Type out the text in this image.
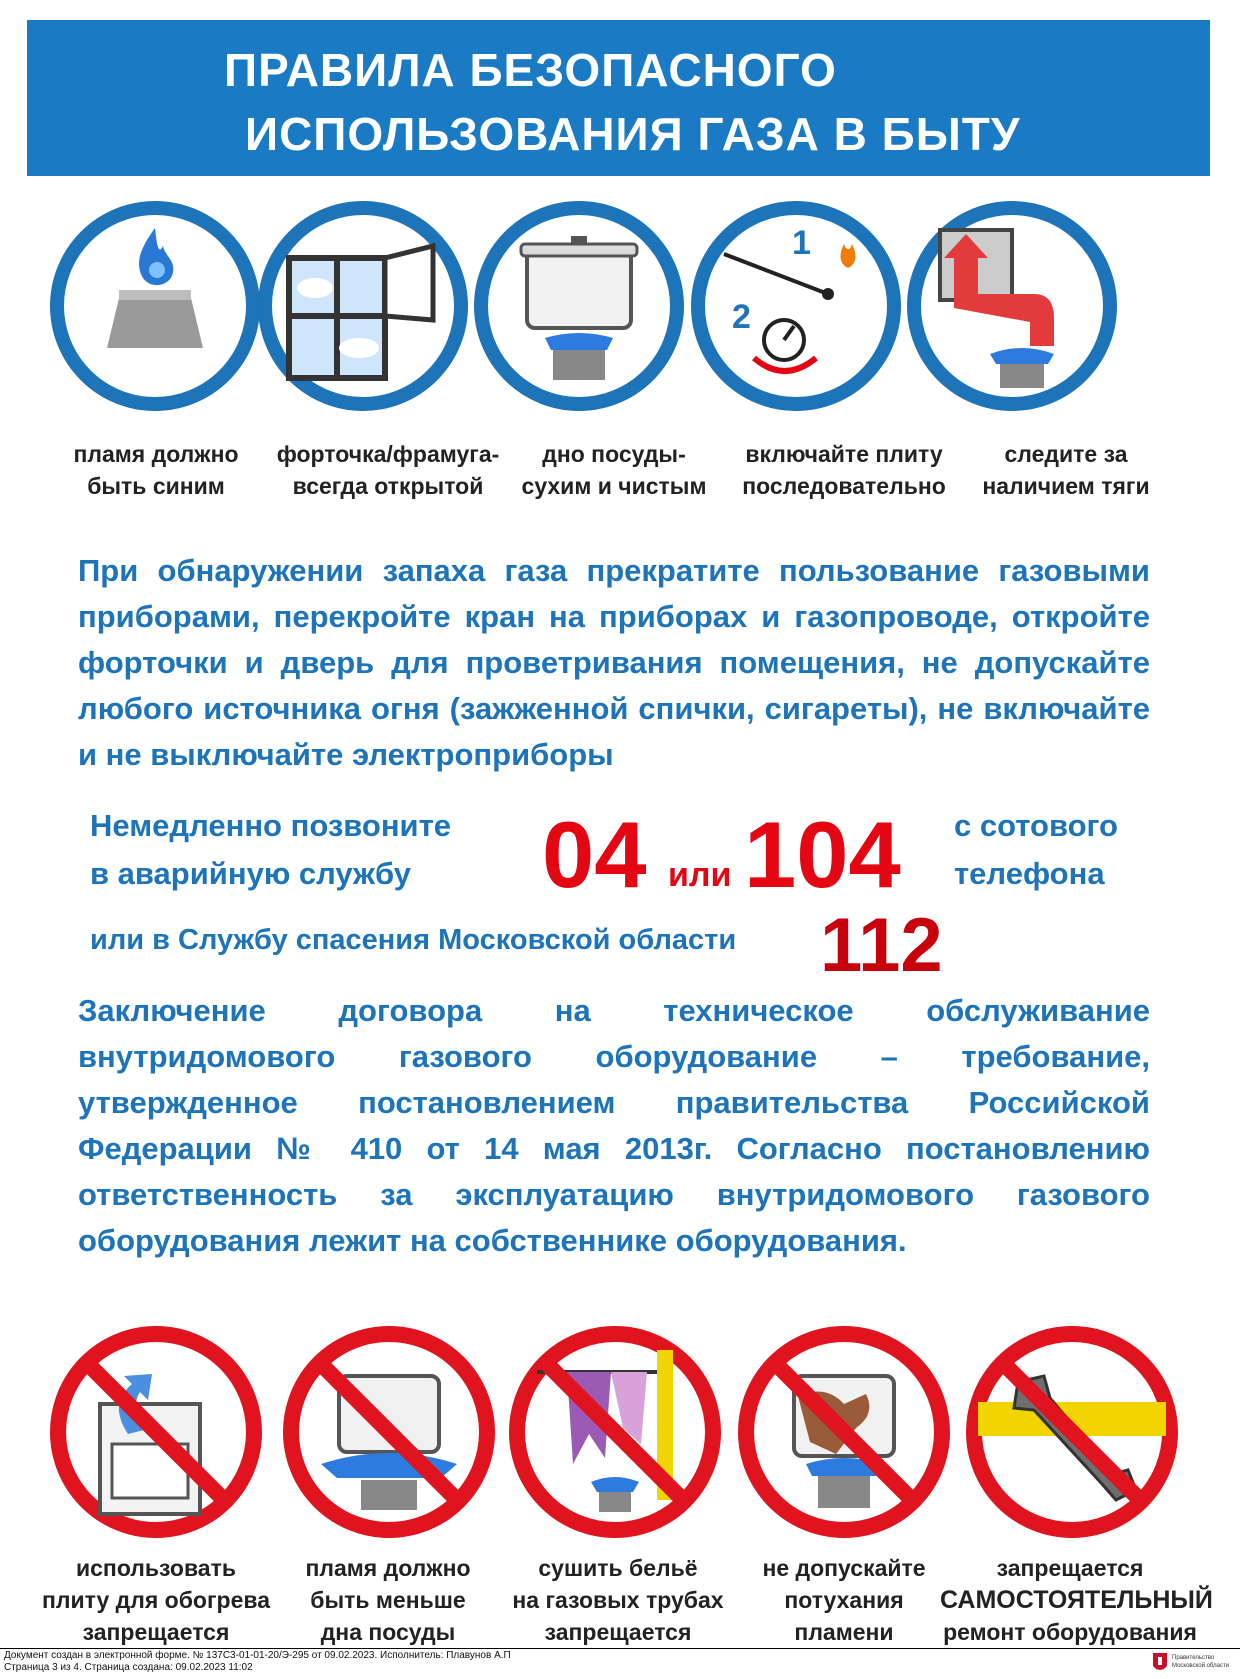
ПРАВИЛА БЕЗОПАСНОГО
ИСПОЛЬЗОВАНИЯ ГАЗА В БЫТУ
1
2
пламя должно
быть синим
форточка/фрамуга-
всегда открытой
дно посуды-
сухим и чистым
включайте плиту
последовательно
следите за
наличием тяги
При обнаружении запаха газа прекратите пользование газовыми приборами, перекройте кран на приборах и газопроводе, откройте форточки и дверь для проветривания помещения, не допускайте любого источника огня (зажженной спички, сигареты), не включайте и не выключайте электроприборы
Немедленно позвоните
в аварийную службу 04 или 104 с сотового
телефона
или в Службу спасения Московской области 112
Заключение договора на техническое обслуживание внутридомового газового оборудование – требование, утвержденное постановлением правительства Российской Федерации № 410 от 14 мая 2013г. Согласно постановлению ответственность за эксплуатацию внутридомового газового оборудования лежит на собственнике оборудования.
использовать
плиту для обогрева
запрещается
пламя должно
быть меньше
дна посуды
сушить бельё
на газовых трубах
запрещается
не допускайте
потухания
пламени
запрещается
САМОСТОЯТЕЛЬНЫЙ
ремонт оборудования
Документ создан в электронной форме. № 137С3-01-01-20/Э-295 от 09.02.2023. Исполнитель: Плавунов А.П
Страница 3 из 4. Страница создана: 09.02.2023 11:02
Правительство
Московской области
